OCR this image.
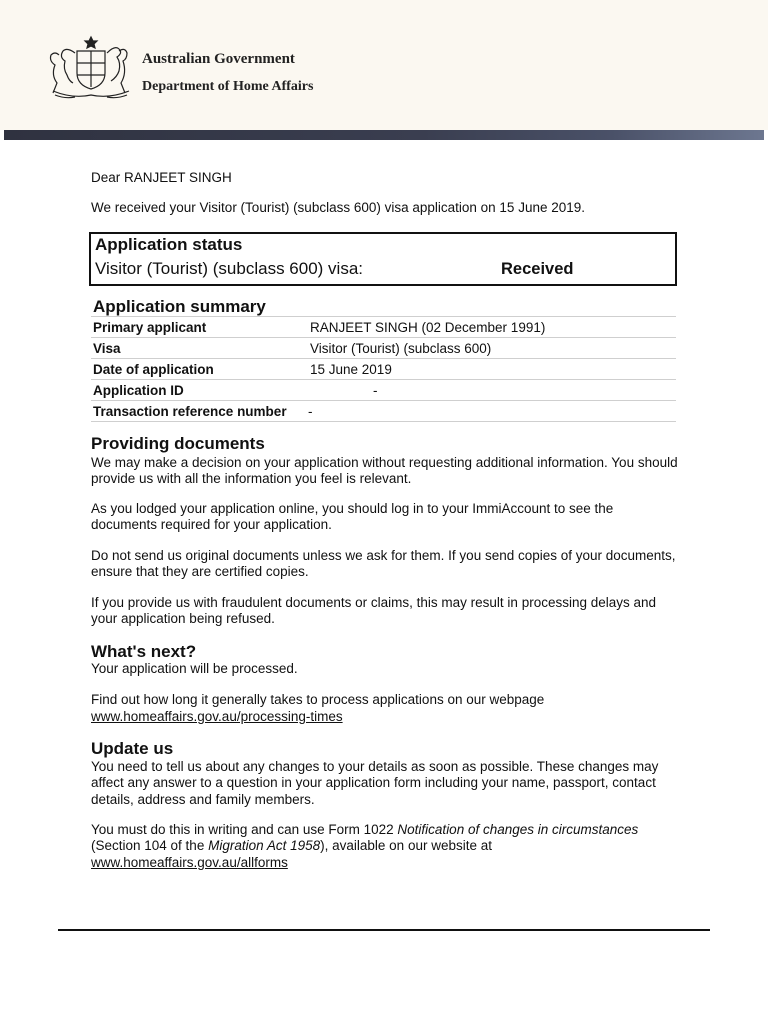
Australian Government
Department of Home Affairs
Dear RANJEET SINGH
We received your Visitor (Tourist) (subclass 600) visa application on 15 June 2019.
Application status
Visitor (Tourist) (subclass 600) visa:	Received
Application summary
Primary applicant	RANJEET SINGH (02 December 1991)
Visa	Visitor (Tourist) (subclass 600)
Date of application	15 June 2019
Application ID	-
Transaction reference number	-
Providing documents
We may make a decision on your application without requesting additional information. You should provide us with all the information you feel is relevant.
As you lodged your application online, you should log in to your ImmiAccount to see the documents required for your application.
Do not send us original documents unless we ask for them. If you send copies of your documents, ensure that they are certified copies.
If you provide us with fraudulent documents or claims, this may result in processing delays and your application being refused.
What's next?
Your application will be processed.
Find out how long it generally takes to process applications on our webpage
www.homeaffairs.gov.au/processing-times
Update us
You need to tell us about any changes to your details as soon as possible. These changes may affect any answer to a question in your application form including your name, passport, contact details, address and family members.
You must do this in writing and can use Form 1022 Notification of changes in circumstances (Section 104 of the Migration Act 1958), available on our website at
www.homeaffairs.gov.au/allforms
